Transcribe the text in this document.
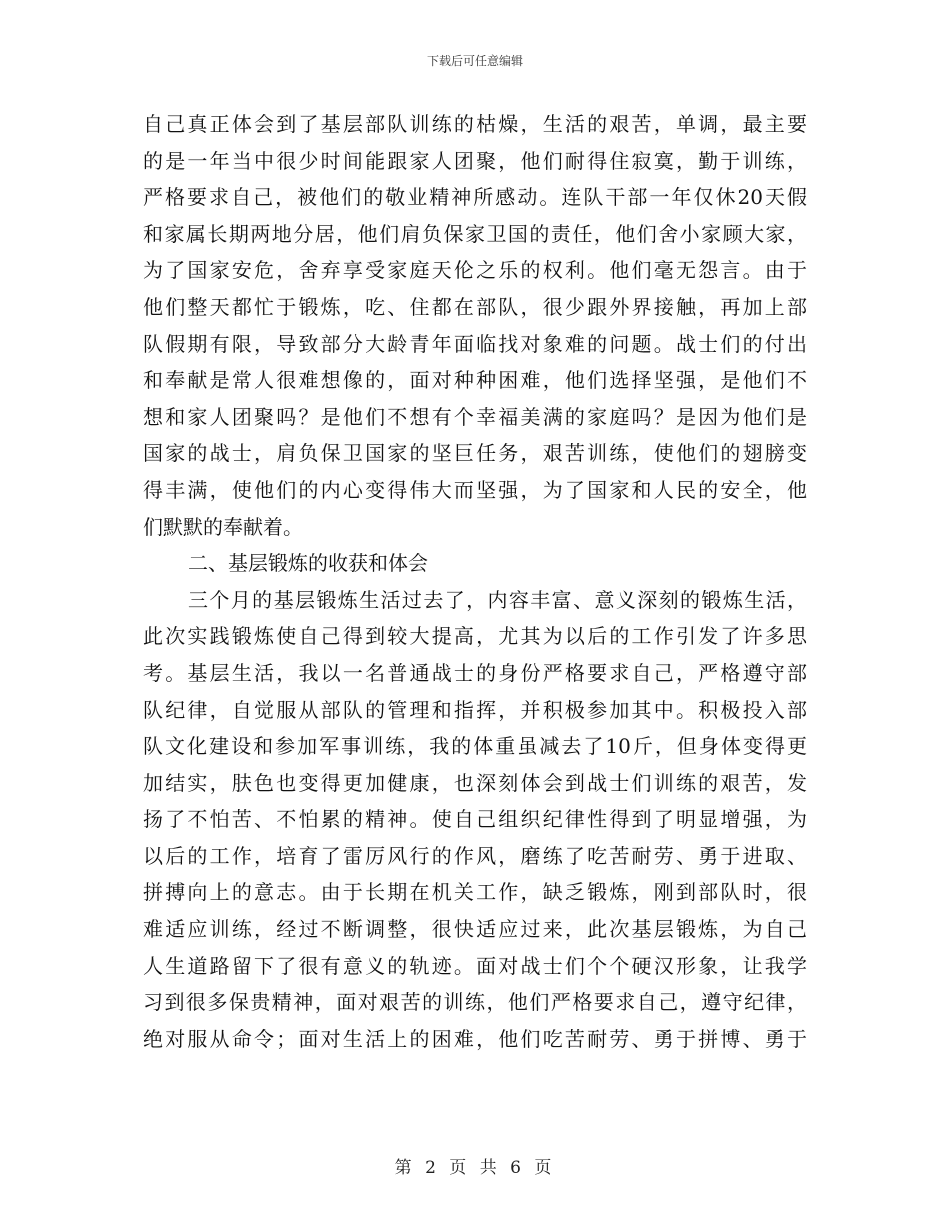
下载后可任意编辑
自己真正体会到了基层部队训练的枯燥，生活的艰苦，单调，最主要
的是一年当中很少时间能跟家人团聚，他们耐得住寂寞，勤于训练，
严格要求自己，被他们的敬业精神所感动。连队干部一年仅休20天假
和家属长期两地分居，他们肩负保家卫国的责任，他们舍小家顾大家，
为了国家安危，舍弃享受家庭天伦之乐的权利。他们毫无怨言。由于
他们整天都忙于锻炼，吃、住都在部队，很少跟外界接触，再加上部
队假期有限，导致部分大龄青年面临找对象难的问题。战士们的付出
和奉献是常人很难想像的，面对种种困难，他们选择坚强，是他们不
想和家人团聚吗？是他们不想有个幸福美满的家庭吗？是因为他们是
国家的战士，肩负保卫国家的坚巨任务，艰苦训练，使他们的翅膀变
得丰满，使他们的内心变得伟大而坚强，为了国家和人民的安全，他
们默默的奉献着。
二、基层锻炼的收获和体会
三个月的基层锻炼生活过去了，内容丰富、意义深刻的锻炼生活，
此次实践锻炼使自己得到较大提高，尤其为以后的工作引发了许多思
考。基层生活，我以一名普通战士的身份严格要求自己，严格遵守部
队纪律，自觉服从部队的管理和指挥，并积极参加其中。积极投入部
队文化建设和参加军事训练，我的体重虽减去了10斤，但身体变得更
加结实，肤色也变得更加健康，也深刻体会到战士们训练的艰苦，发
扬了不怕苦、不怕累的精神。使自己组织纪律性得到了明显增强，为
以后的工作，培育了雷厉风行的作风，磨练了吃苦耐劳、勇于进取、
拼搏向上的意志。由于长期在机关工作，缺乏锻炼，刚到部队时，很
难适应训练，经过不断调整，很快适应过来，此次基层锻炼，为自己
人生道路留下了很有意义的轨迹。面对战士们个个硬汉形象，让我学
习到很多保贵精神，面对艰苦的训练，他们严格要求自己，遵守纪律，
绝对服从命令；面对生活上的困难，他们吃苦耐劳、勇于拼博、勇于
第 2 页 共 6 页
